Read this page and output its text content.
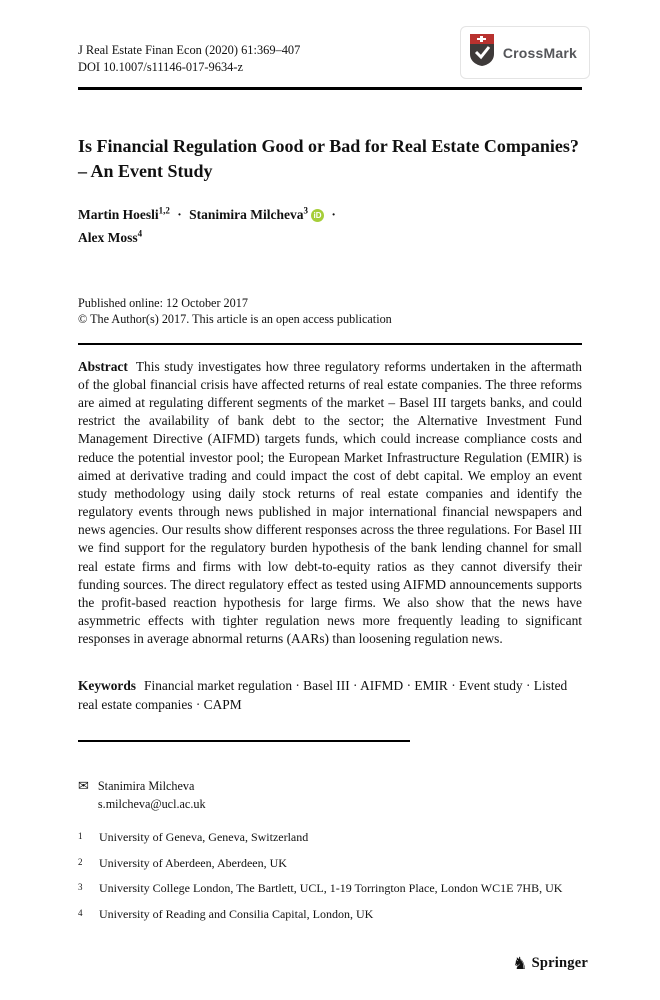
J Real Estate Finan Econ (2020) 61:369–407
DOI 10.1007/s11146-017-9634-z
CrossMark
Is Financial Regulation Good or Bad for Real Estate Companies? – An Event Study
Martin Hoesli$^{1,2}$ · Stanimira Milcheva$^3$ iD ·
Alex Moss$^4$
Published online: 12 October 2017
© The Author(s) 2017. This article is an open access publication

Abstract This study investigates how three regulatory reforms undertaken in the aftermath of the global financial crisis have affected returns of real estate companies. The three reforms are aimed at regulating different segments of the market – Basel III targets banks, and could restrict the availability of bank debt to the sector; the Alternative Investment Fund Management Directive (AIFMD) targets funds, which could increase compliance costs and reduce the potential investor pool; the European Market Infrastructure Regulation (EMIR) is aimed at derivative trading and could impact the cost of debt capital. We employ an event study methodology using daily stock returns of real estate companies and identify the regulatory events through news published in major international financial newspapers and news agencies. Our results show different responses across the three regulations. For Basel III we find support for the regulatory burden hypothesis of the bank lending channel for small real estate firms and firms with low debt-to-equity ratios as they cannot diversify their funding sources. The direct regulatory effect as tested using AIFMD announcements supports the profit-based reaction hypothesis for large firms. We also show that the news have asymmetric effects with tighter regulation news more frequently leading to significant responses in average abnormal returns (AARs) than loosening regulation news.

Keywords Financial market regulation · Basel III · AIFMD · EMIR · Event study · Listed real estate companies · CAPM

✉ Stanimira Milcheva
s.milcheva@ucl.ac.uk
1	University of Geneva, Geneva, Switzerland
2	University of Aberdeen, Aberdeen, UK
3	University College London, The Bartlett, UCL, 1-19 Torrington Place, London WC1E 7HB, UK
4	University of Reading and Consilia Capital, London, UK
♞ Springer
